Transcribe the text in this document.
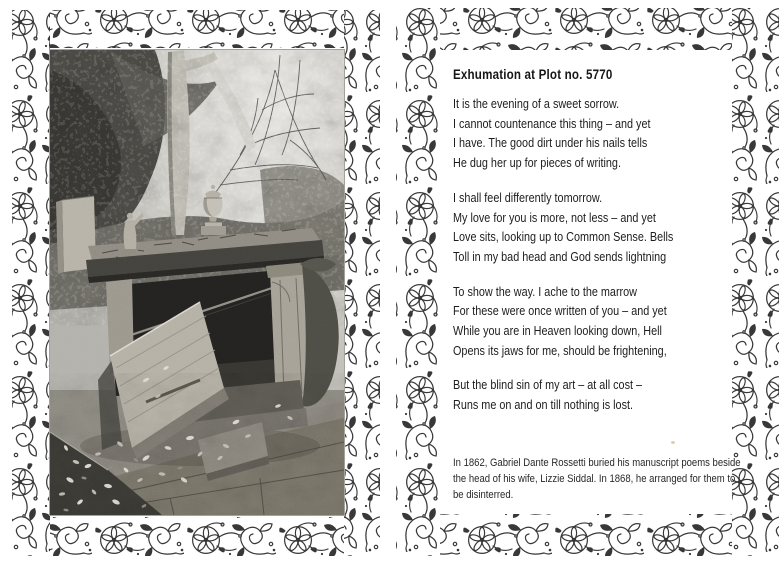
Exhumation at Plot no. 5770
It is the evening of a sweet sorrow.
I cannot countenance this thing – and yet
I have. The good dirt under his nails tells
He dug her up for pieces of writing.
I shall feel differently tomorrow.
My love for you is more, not less – and yet
Love sits, looking up to Common Sense. Bells
Toll in my bad head and God sends lightning
To show the way. I ache to the marrow
For these were once written of you – and yet
While you are in Heaven looking down, Hell
Opens its jaws for me, should be frightening,
But the blind sin of my art – at all cost –
Runs me on and on till nothing is lost.
In 1862, Gabriel Dante Rossetti buried his manuscript poems beside
the head of his wife, Lizzie Siddal. In 1868, he arranged for them to
be disinterred.
